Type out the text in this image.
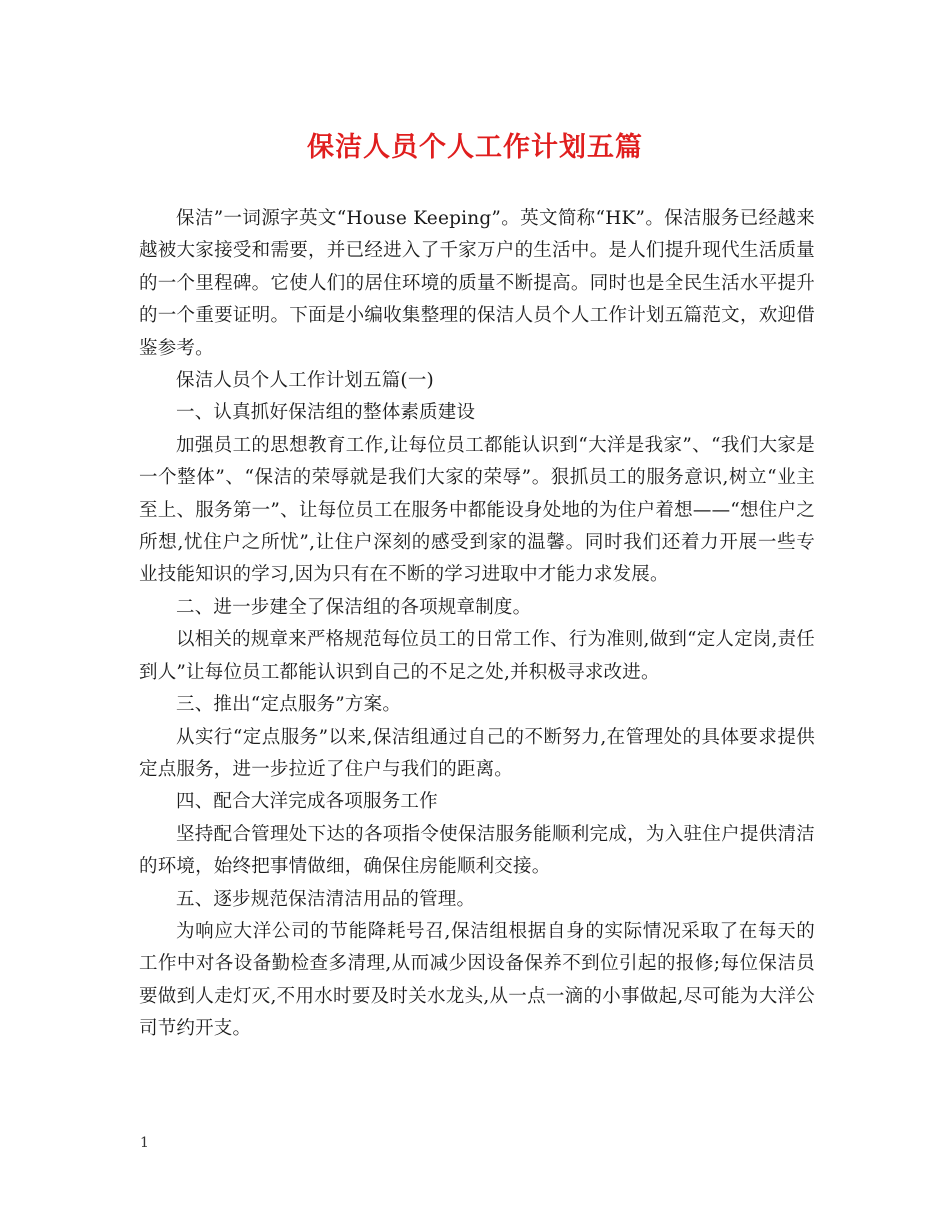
保洁人员个人工作计划五篇

保洁”一词源字英文“House Keeping”。英文简称“HK”。保洁服务已经越来越被大家接受和需要，并已经进入了千家万户的生活中。是人们提升现代生活质量的一个里程碑。它使人们的居住环境的质量不断提高。同时也是全民生活水平提升的一个重要证明。下面是小编收集整理的保洁人员个人工作计划五篇范文，欢迎借鉴参考。

保洁人员个人工作计划五篇(一)

一、认真抓好保洁组的整体素质建设

加强员工的思想教育工作,让每位员工都能认识到“大洋是我家”、“我们大家是一个整体”、“保洁的荣辱就是我们大家的荣辱”。狠抓员工的服务意识,树立“业主至上、服务第一”、让每位员工在服务中都能设身处地的为住户着想——“想住户之所想,忧住户之所忧”,让住户深刻的感受到家的温馨。同时我们还着力开展一些专业技能知识的学习,因为只有在不断的学习进取中才能力求发展。

二、进一步建全了保洁组的各项规章制度。

以相关的规章来严格规范每位员工的日常工作、行为准则,做到“定人定岗,责任到人”让每位员工都能认识到自己的不足之处,并积极寻求改进。

三、推出“定点服务”方案。

从实行“定点服务”以来,保洁组通过自己的不断努力,在管理处的具体要求提供定点服务，进一步拉近了住户与我们的距离。

四、配合大洋完成各项服务工作

坚持配合管理处下达的各项指令使保洁服务能顺利完成，为入驻住户提供清洁的环境，始终把事情做细，确保住房能顺利交接。

五、逐步规范保洁清洁用品的管理。

为响应大洋公司的节能降耗号召,保洁组根据自身的实际情况采取了在每天的工作中对各设备勤检查多清理,从而减少因设备保养不到位引起的报修;每位保洁员要做到人走灯灭,不用水时要及时关水龙头,从一点一滴的小事做起,尽可能为大洋公司节约开支。

1
